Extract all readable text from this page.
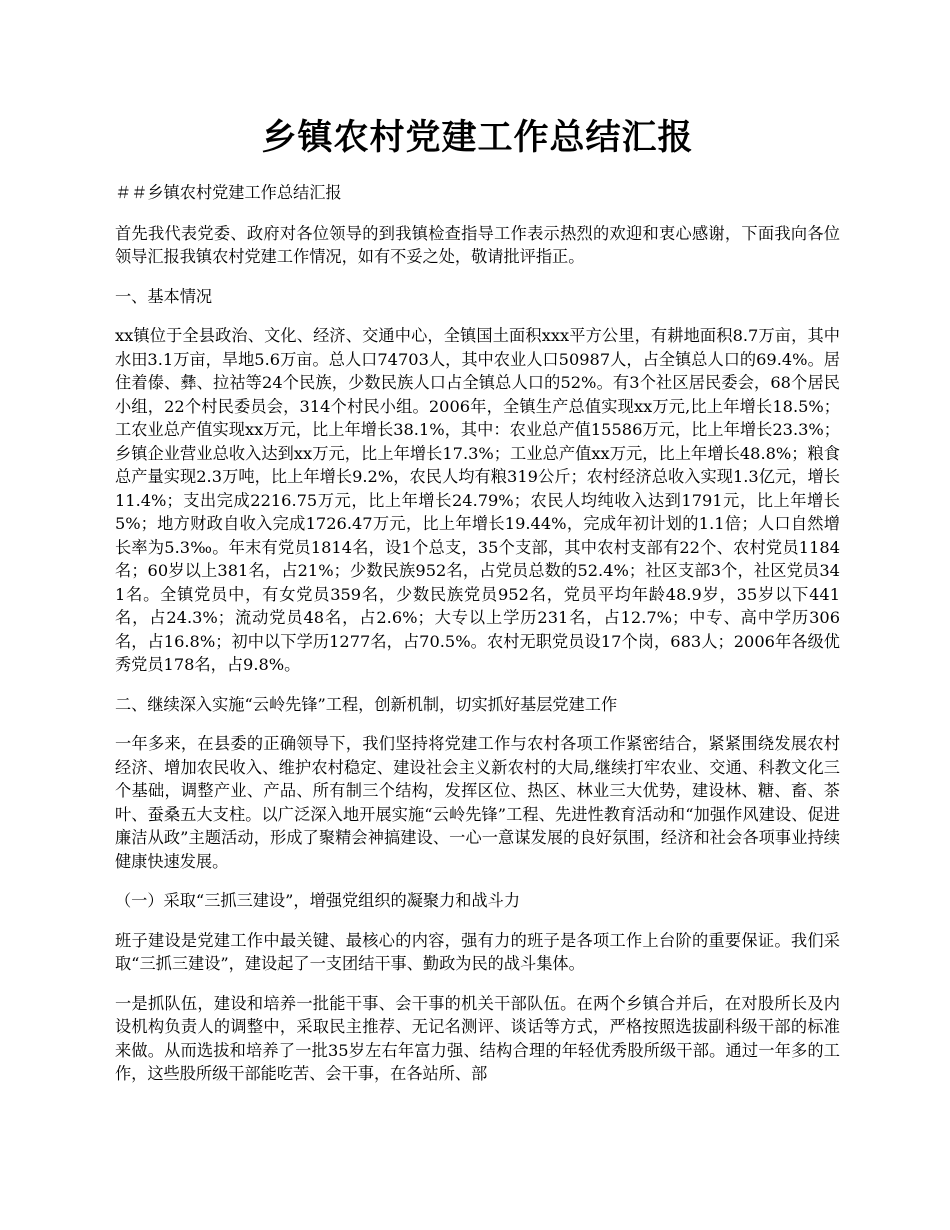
乡镇农村党建工作总结汇报

＃＃乡镇农村党建工作总结汇报

首先我代表党委、政府对各位领导的到我镇检查指导工作表示热烈的欢迎和衷心感谢，下面我向各位领导汇报我镇农村党建工作情况，如有不妥之处，敬请批评指正。

一、基本情况

xx镇位于全县政治、文化、经济、交通中心，全镇国土面积xxx平方公里，有耕地面积8.7万亩，其中水田3.1万亩，旱地5.6万亩。总人口74703人，其中农业人口50987人，占全镇总人口的69.4%。居住着傣、彝、拉祜等24个民族，少数民族人口占全镇总人口的52%。有3个社区居民委会，68个居民小组，22个村民委员会，314个村民小组。2006年，全镇生产总值实现xx万元,比上年增长18.5%；工农业总产值实现xx万元，比上年增长38.1%，其中：农业总产值15586万元，比上年增长23.3%；乡镇企业营业总收入达到xx万元，比上年增长17.3%；工业总产值xx万元，比上年增长48.8%；粮食总产量实现2.3万吨，比上年增长9.2%，农民人均有粮319公斤；农村经济总收入实现1.3亿元，增长11.4%；支出完成2216.75万元，比上年增长24.79%；农民人均纯收入达到1791元，比上年增长5%；地方财政自收入完成1726.47万元，比上年增长19.44%，完成年初计划的1.1倍；人口自然增长率为5.3‰。年末有党员1814名，设1个总支，35个支部，其中农村支部有22个、农村党员1184名；60岁以上381名，占21%；少数民族952名，占党员总数的52.4%；社区支部3个，社区党员341名。全镇党员中，有女党员359名，少数民族党员952名，党员平均年龄48.9岁，35岁以下441名，占24.3%；流动党员48名，占2.6%；大专以上学历231名，占12.7%；中专、高中学历306名，占16.8%；初中以下学历1277名，占70.5%。农村无职党员设17个岗，683人；2006年各级优秀党员178名，占9.8%。

二、继续深入实施“云岭先锋”工程，创新机制，切实抓好基层党建工作

一年多来，在县委的正确领导下，我们坚持将党建工作与农村各项工作紧密结合，紧紧围绕发展农村经济、增加农民收入、维护农村稳定、建设社会主义新农村的大局,继续打牢农业、交通、科教文化三个基础，调整产业、产品、所有制三个结构，发挥区位、热区、林业三大优势，建设林、糖、畜、茶叶、蚕桑五大支柱。以广泛深入地开展实施“云岭先锋”工程、先进性教育活动和“加强作风建设、促进廉洁从政”主题活动，形成了聚精会神搞建设、一心一意谋发展的良好氛围，经济和社会各项事业持续健康快速发展。

（一）采取“三抓三建设”，增强党组织的凝聚力和战斗力

班子建设是党建工作中最关键、最核心的内容，强有力的班子是各项工作上台阶的重要保证。我们采取“三抓三建设”，建设起了一支团结干事、勤政为民的战斗集体。

一是抓队伍，建设和培养一批能干事、会干事的机关干部队伍。在两个乡镇合并后，在对股所长及内设机构负责人的调整中，采取民主推荐、无记名测评、谈话等方式，严格按照选拔副科级干部的标准来做。从而选拔和培养了一批35岁左右年富力强、结构合理的年轻优秀股所级干部。通过一年多的工作，这些股所级干部能吃苦、会干事，在各站所、部
